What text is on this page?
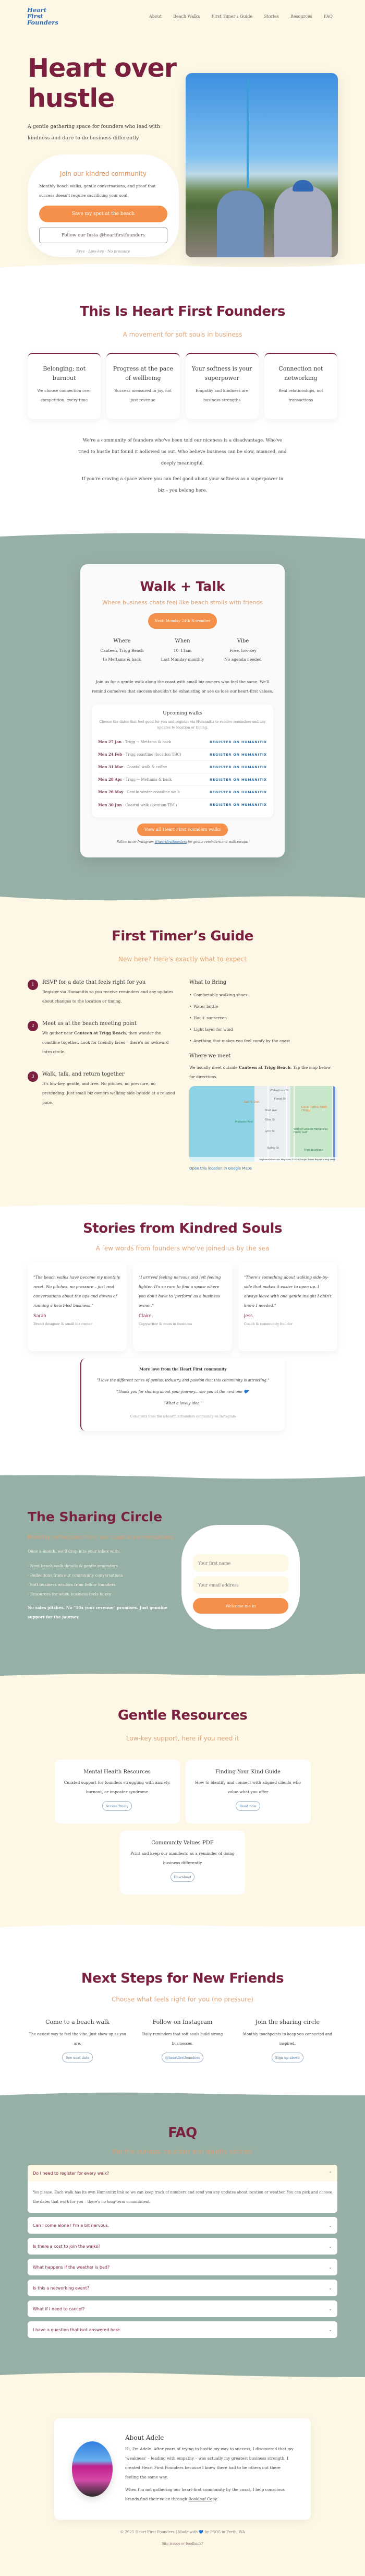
Heart First
Founders
About	Beach Walks	First Timer's Guide	Stories	Resources	FAQ
Heart over hustle

A gentle gathering space for founders who lead with kindness and dare to do business differently

Join our kindred community

Monthly beach walks, gentle conversations, and proof that success doesn't require sacrificing your soul

Save my spot at the beach
Follow our Insta @heartfirstfounders
Free · Low-key · No pressure
This Is Heart First Founders
A movement for soft souls in business
Belonging; not burnout

We choose connection over competition, every time

Progress at the pace of wellbeing

Success measured in joy, not just revenue

Your softness is your superpower

Empathy and kindness are business strengths

Connection not networking

Real relationships, not transactions

We're a community of founders who've been told our niceness is a disadvantage. Who've tried to hustle but found it hollowed us out. Who believe business can be slow, nuanced, and deeply meaningful.

If you're craving a space where you can feel good about your softness as a superpower in biz – you belong here.

Walk + Talk
Where business chats feel like beach strolls with friends
Next: Monday 24th November
Where

Canteen, Trigg Beach
to Mettams & back

When

10–11am
Last Monday monthly

Vibe

Free, low-key
No agenda needed

Join us for a gentle walk along the coast with small biz owners who feel the same. We'll remind ourselves that success shouldn't be exhausting or see us lose our heart-first values.

Upcoming walks

Choose the dates that feel good for you and register via Humanitix to receive reminders and any updates to location or timing.

Mon 27 Jan · Trigg → Mettams & back	REGISTER ON HUMANITIX
Mon 24 Feb · Trigg coastline (location TBC)	REGISTER ON HUMANITIX
Mon 31 Mar · Coastal walk & coffee	REGISTER ON HUMANITIX
Mon 28 Apr · Trigg → Mettams & back	REGISTER ON HUMANITIX
Mon 26 May · Gentle winter coastline walk	REGISTER ON HUMANITIX
Mon 30 Jun · Coastal walk (location TBC)	REGISTER ON HUMANITIX
View all Heart First Founders walks

Follow us on Instagram @heartfirstfounders for gentle reminders and walk recaps.

First Timer’s Guide
New here? Here's exactly what to expect
1	RSVP for a date that feels right for you

Register via Humanitix so you receive reminders and any updates about changes to the location or timing.

2	Meet us at the beach meeting point

We gather near Canteen at Trigg Beach, then wander the coastline together. Look for friendly faces – there's no awkward intro circle.

3	Walk, talk, and return together

It's low-key, gentle, and free. No pitches, no pressure, no pretending. Just small biz owners walking side-by-side at a relaxed pace.

What to Bring
• Comfortable walking shoes
• Water bottle
• Hat + sunscreen
• Light layer for wind
• Anything that makes you feel comfy by the coast
Where we meet

We usually meet outside Canteen at Trigg Beach. Tap the map below for directions.

Wilberforce St
Forest St
Salt & Oak
Shell Ave
Cove Coffee Perth (Trigg)
Giles St
Mettams Pool
Lynn St
Stirling Leisure Hamersley Public Golf
Bailey St
Trigg Bushland
Keyboard shortcuts Map data ©2026 Google Terms Report a map error
Open this location in Google Maps
Stories from Kindred Souls
A few words from founders who've joined us by the sea
"The beach walks have become my monthly reset. No pitches, no pressure – just real conversations about the ups and downs of running a heart-led business."
Sarah
Brand designer & small biz owner
"I arrived feeling nervous and left feeling lighter. It's so rare to find a space where you don't have to 'perform' as a business owner."
Claire
Copywriter & mum in business
"There's something about walking side-by-side that makes it easier to open up. I always leave with one gentle insight I didn't know I needed."
Jess
Coach & community builder
More love from the Heart First community

"I love the different zones of genius, industry, and passion that this community is attracting."

"Thank you for sharing about your journey... see you at the next one 💙"

"What a lovely idea."

Comments from the @heartfirstfounders community on Instagram

The Sharing Circle
Monthly reflections from our coastal conversations

Once a month, we'll drop into your inbox with:

· Next beach walk details & gentle reminders
· Reflections from our community conversations
· Soft business wisdom from fellow founders
· Resources for when business feels heavy

No sales pitches. No "10x your revenue" promises. Just genuine support for the journey.

Your first name
Your email address
Welcome me in
Gentle Resources
Low-key support, here if you need it
Mental Health Resources

Curated support for founders struggling with anxiety, burnout, or imposter syndrome

Access freely
Finding Your Kind Guide

How to identify and connect with aligned clients who value what you offer

Read now
Community Values PDF

Print and keep our manifesto as a reminder of doing business differently

Download
Next Steps for New Friends
Choose what feels right for you (no pressure)
Come to a beach walk

The easiest way to feel the vibe. Just show up as you are.

See next date
Follow on Instagram

Daily reminders that soft souls build strong businesses.

@heartfirstfounders
Join the sharing circle

Monthly touchpoints to keep you connected and inspired.

Sign up above
FAQ
For the curious, cautious and quietly excited
Do I need to register for every walk?	⌃
Yes please. Each walk has its own Humanitix link so we can keep track of numbers and send you any updates about location or weather. You can pick and choose the dates that work for you – there's no long-term commitment.
Can I come alone? I'm a bit nervous.	⌄
Is there a cost to join the walks?	⌄
What happens if the weather is bad?	⌄
Is this a networking event?	⌄
What if I need to cancel?	⌄
I have a question that isnt answered here	⌄
About Adele

Hi, I'm Adele. After years of trying to hustle my way to success, I discovered that my 'weakness' – leading with empathy – was actually my greatest business strength. I created Heart First Founders because I knew there had to be others out there feeling the same way.

When I'm not gathering our heart-first community by the coast, I help conscious brands find their voice through Bookleaf Copy.

© 2025 Heart First Founders | Made with 💙 by PSOS in Perth, WA
Site issues or feedback?
